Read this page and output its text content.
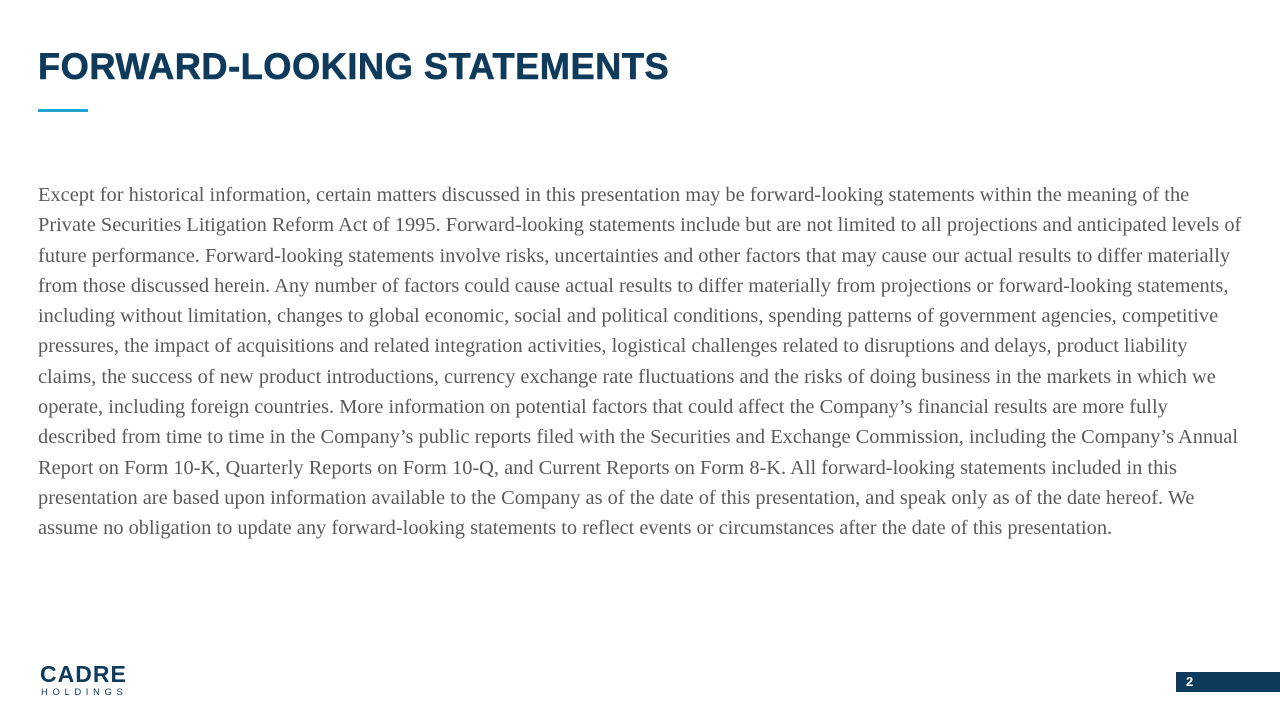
FORWARD-LOOKING STATEMENTS

Except for historical information, certain matters discussed in this presentation may be forward-looking statements within the meaning of the Private Securities Litigation Reform Act of 1995. Forward-looking statements include but are not limited to all projections and anticipated levels of future performance. Forward-looking statements involve risks, uncertainties and other factors that may cause our actual results to differ materially from those discussed herein. Any number of factors could cause actual results to differ materially from projections or forward-looking statements, including without limitation, changes to global economic, social and political conditions, spending patterns of government agencies, competitive pressures, the impact of acquisitions and related integration activities, logistical challenges related to disruptions and delays, product liability claims, the success of new product introductions, currency exchange rate fluctuations and the risks of doing business in the markets in which we operate, including foreign countries. More information on potential factors that could affect the Company’s financial results are more fully described from time to time in the Company’s public reports filed with the Securities and Exchange Commission, including the Company’s Annual Report on Form 10-K, Quarterly Reports on Form 10-Q, and Current Reports on Form 8-K. All forward-looking statements included in this presentation are based upon information available to the Company as of the date of this presentation, and speak only as of the date hereof. We assume no obligation to update any forward-looking statements to reflect events or circumstances after the date of this presentation.

CADRE
HOLDINGS
2
